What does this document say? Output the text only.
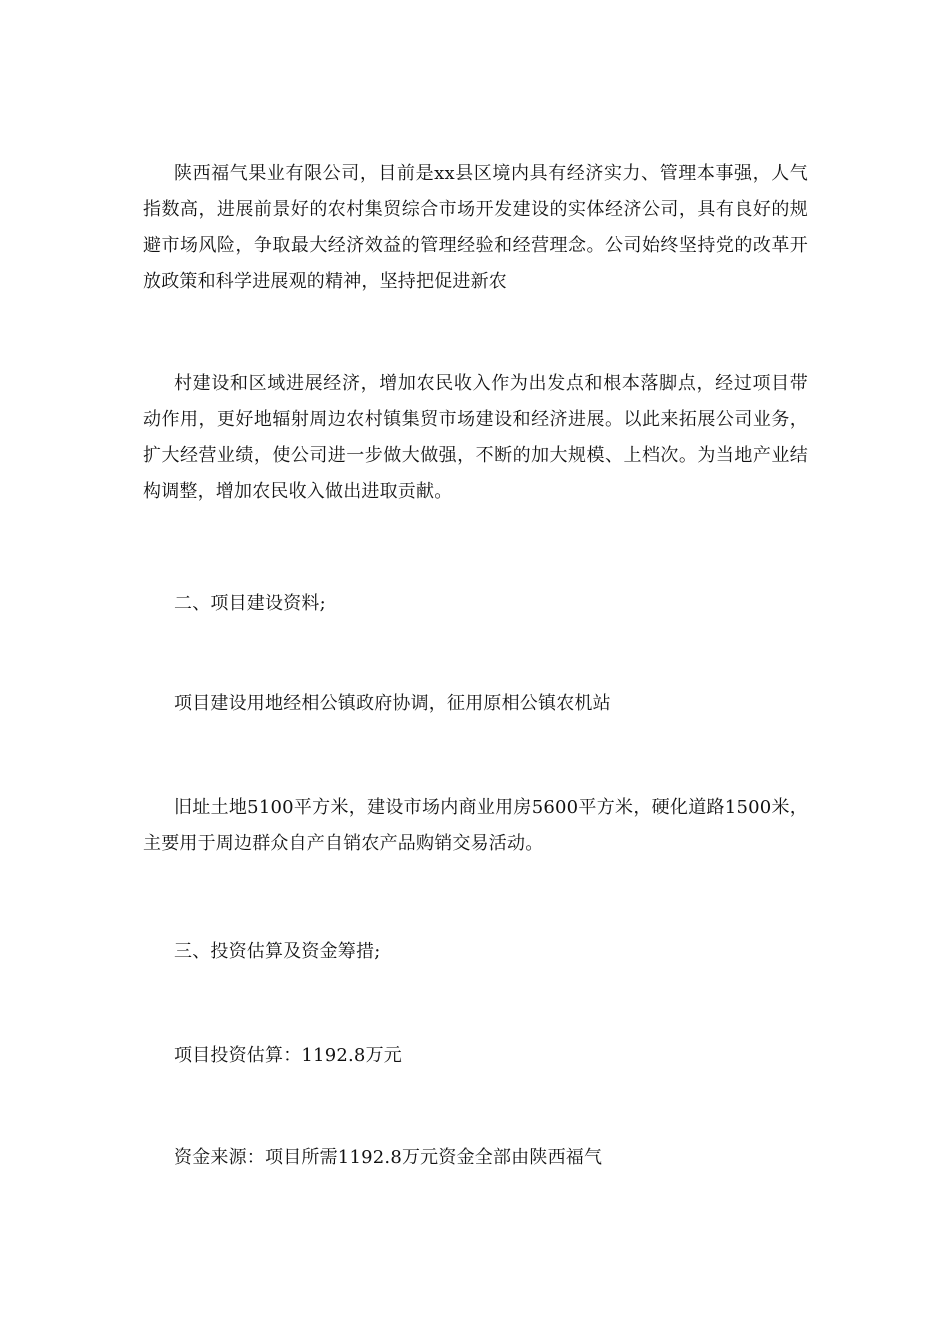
陕西福气果业有限公司，目前是xx县区境内具有经济实力、管理本事强，人气指数高，进展前景好的农村集贸综合市场开发建设的实体经济公司，具有良好的规避市场风险，争取最大经济效益的管理经验和经营理念。公司始终坚持党的改革开放政策和科学进展观的精神，坚持把促进新农

村建设和区域进展经济，增加农民收入作为出发点和根本落脚点，经过项目带动作用，更好地辐射周边农村镇集贸市场建设和经济进展。以此来拓展公司业务，扩大经营业绩，使公司进一步做大做强，不断的加大规模、上档次。为当地产业结构调整，增加农民收入做出进取贡献。

二、项目建设资料;

项目建设用地经相公镇政府协调，征用原相公镇农机站

旧址土地5100平方米，建设市场内商业用房5600平方米，硬化道路1500米，主要用于周边群众自产自销农产品购销交易活动。

三、投资估算及资金筹措;

项目投资估算：1192.8万元

资金来源：项目所需1192.8万元资金全部由陕西福气
